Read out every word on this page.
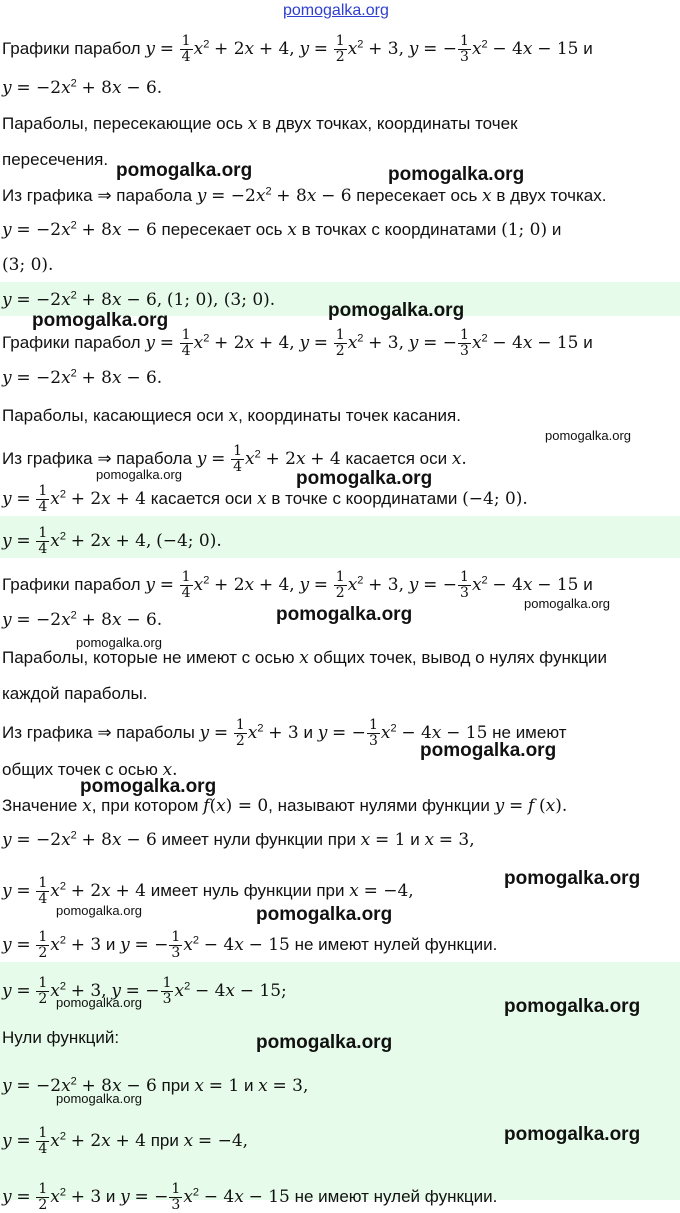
pomogalka.org
Графики парабол $y = \frac{1}{4} x^2 + 2x + 4$, $y = \frac{1}{2} x^2 + 3$, y = − $\frac{1}{3} x^2 - 4x - 15$ и
$y = -2x^2 + 8x - 6$.
Параболы, пересекающие ось x в двух точках, координаты точек
пересечения.
Из графика ⇒ парабола $y = -2x^2 + 8x - 6$ пересекает ось x в двух точках.
$y = -2x^2 + 8x - 6$ пересекает ось x в точках с координатами (1; 0) и
(3; 0).
$y = -2x^2 + 8x - 6$, (1; 0), (3; 0).
Графики парабол $y = \frac{1}{4} x^2 + 2x + 4$, $y = \frac{1}{2} x^2 + 3$, y = − $\frac{1}{3} x^2 - 4x - 15$ и
$y = -2x^2 + 8x - 6$.
Параболы, касающиеся оси x, координаты точек касания.
Из графика ⇒ парабола $y = \frac{1}{4} x^2 + 2x + 4$ касается оси x.
$y = \frac{1}{4} x^2 + 2x + 4$ касается оси x в точке с координатами (−4; 0).
$y = \frac{1}{4} x^2 + 2x + 4$, (−4; 0).
Графики парабол $y = \frac{1}{4} x^2 + 2x + 4$, $y = \frac{1}{2} x^2 + 3$, y = − $\frac{1}{3} x^2 - 4x - 15$ и
$y = -2x^2 + 8x - 6$.
Параболы, которые не имеют с осью x общих точек, вывод о нулях функции
каждой параболы.
Из графика ⇒ параболы $y = \frac{1}{2} x^2 + 3$ и y = − $\frac{1}{3} x^2 - 4x - 15$ не имеют
общих точек с осью x.
Значение x, при котором f(x) = 0, называют нулями функции y = f (x).
$y = -2x^2 + 8x - 6$ имеет нули функции при x = 1 и x = 3,
$y = \frac{1}{4} x^2 + 2x + 4$ имеет нуль функции при x = −4,
$y = \frac{1}{2} x^2 + 3$ и y = − $\frac{1}{3} x^2 - 4x - 15$ не имеют нулей функции.
$y = \frac{1}{2} x^2 + 3$, y = − $\frac{1}{3} x^2 - 4x - 15$;
Нули функций:
$y = -2x^2 + 8x - 6$ при x = 1 и x = 3,
$y = \frac{1}{4} x^2 + 2x + 4$ при x = −4,
$y = \frac{1}{2} x^2 + 3$ и y = − $\frac{1}{3} x^2 - 4x - 15$ не имеют нулей функции.
pomogalka.org	pomogalka.org
pomogalka.org
pomogalka.org
pomogalka.org
pomogalka.org	pomogalka.org
pomogalka.org
pomogalka.org
pomogalka.org
pomogalka.org
pomogalka.org
pomogalka.org
pomogalka.org	pomogalka.org
pomogalka.org	pomogalka.org
pomogalka.org
pomogalka.org
pomogalka.org
